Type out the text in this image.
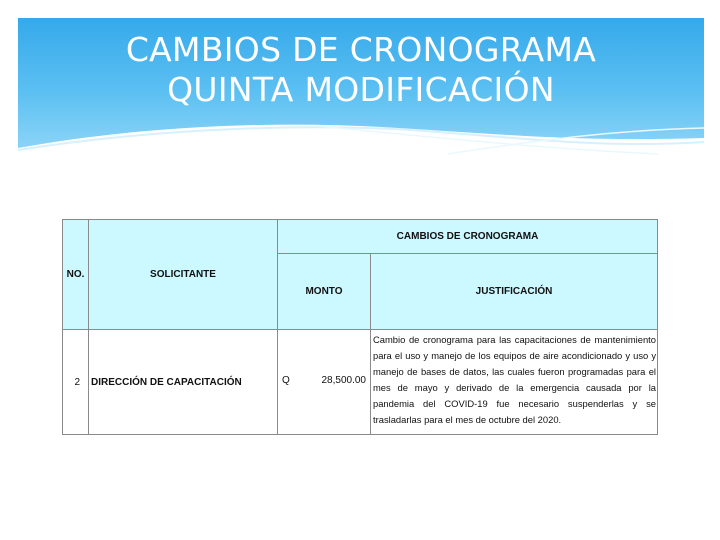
CAMBIOS DE CRONOGRAMA
QUINTA MODIFICACIÓN
NO.	SOLICITANTE	CAMBIOS DE CRONOGRAMA	
		MONTO	JUSTIFICACIÓN
2	DIRECCIÓN DE CAPACITACIÓN	Q 28,500.00	Cambio de cronograma para las capacitaciones de mantenimiento para el uso y manejo de los equipos de aire acondicionado y uso y manejo de bases de datos, las cuales fueron programadas para el mes de mayo y derivado de la emergencia causada por la pandemia del COVID-19 fue necesario suspenderlas y se trasladarlas para el mes de octubre del 2020.
